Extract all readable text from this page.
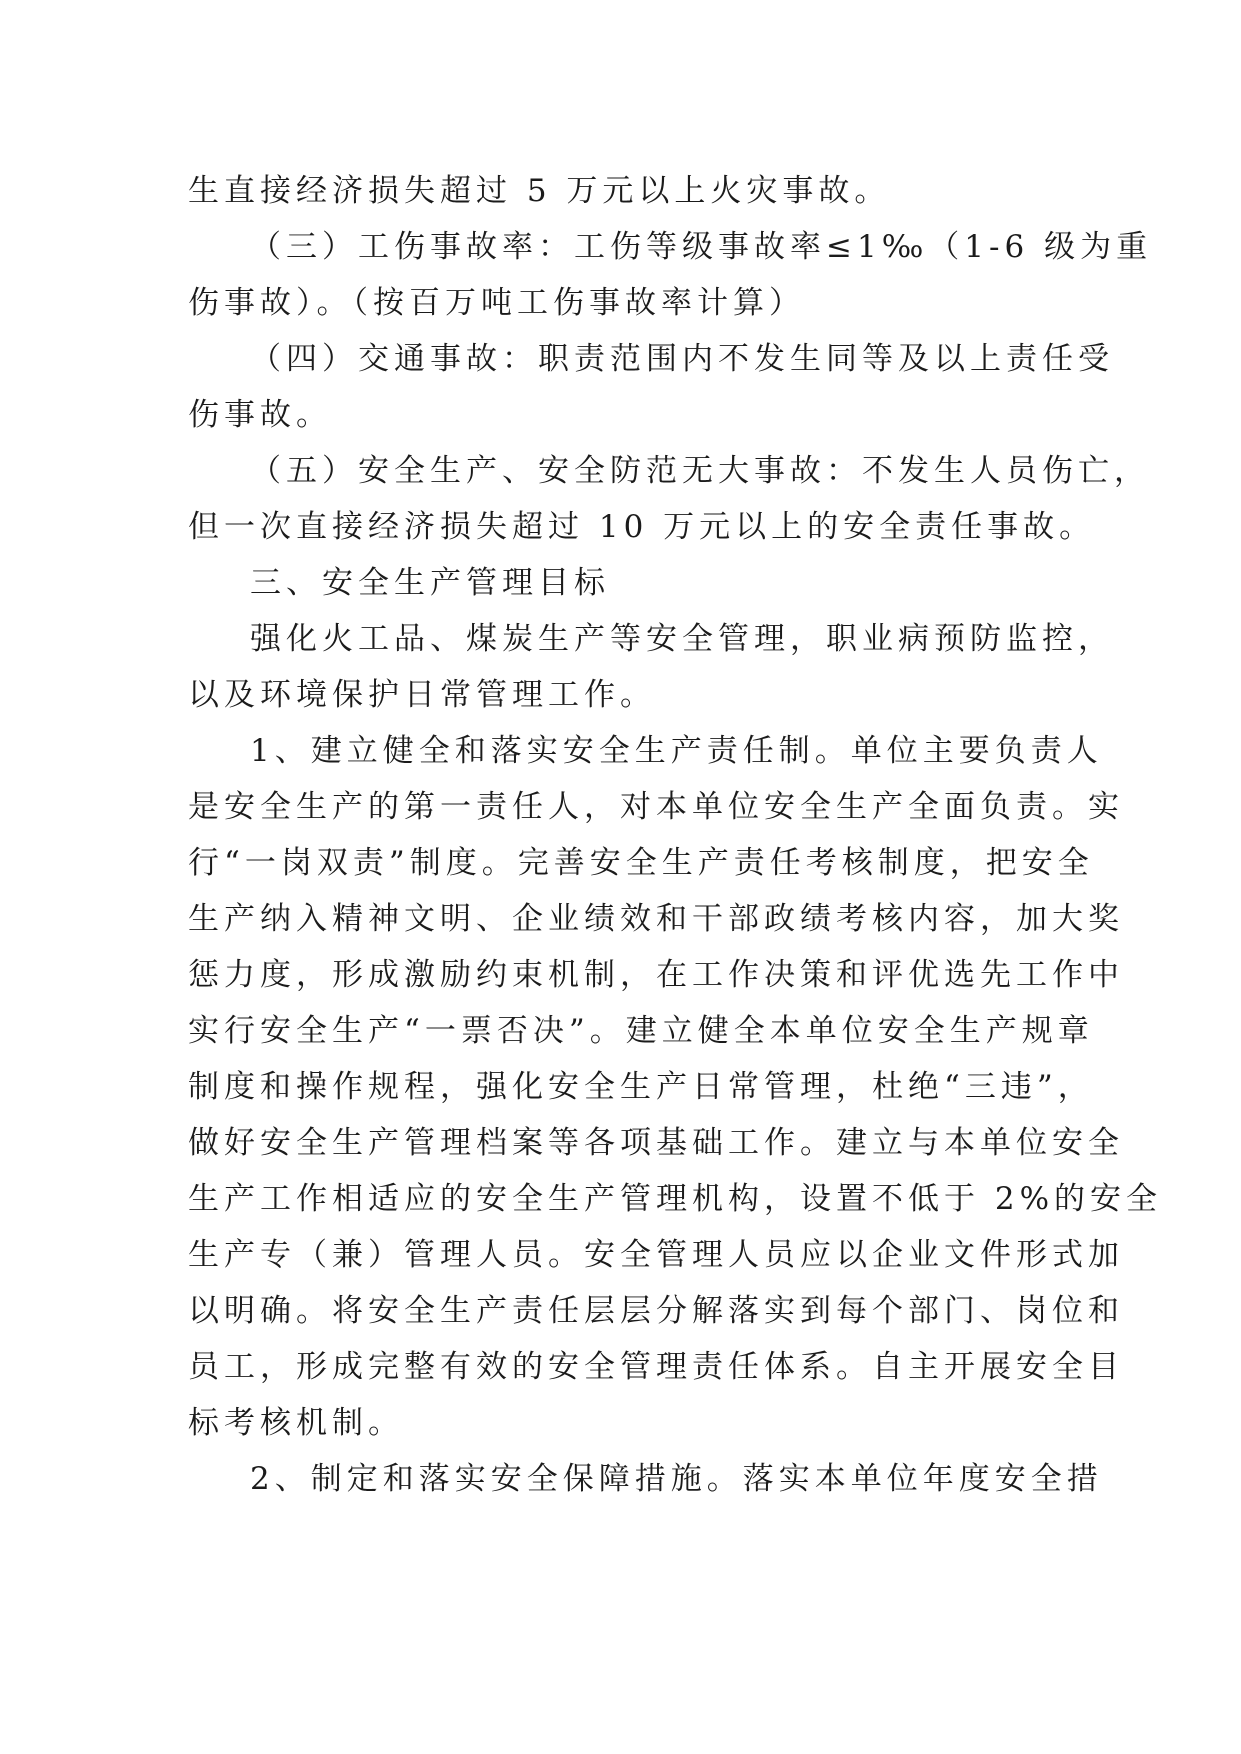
生直接经济损失超过 5 万元以上火灾事故。
（三）工伤事故率：工伤等级事故率≤1‰（1-6 级为重
伤事故）。（按百万吨工伤事故率计算）
（四）交通事故：职责范围内不发生同等及以上责任受
伤事故。
（五）安全生产、安全防范无大事故：不发生人员伤亡，
但一次直接经济损失超过 10 万元以上的安全责任事故。
三、安全生产管理目标
强化火工品、煤炭生产等安全管理，职业病预防监控，
以及环境保护日常管理工作。
1、建立健全和落实安全生产责任制。单位主要负责人
是安全生产的第一责任人，对本单位安全生产全面负责。实
行“一岗双责”制度。完善安全生产责任考核制度，把安全
生产纳入精神文明、企业绩效和干部政绩考核内容，加大奖
惩力度，形成激励约束机制，在工作决策和评优选先工作中
实行安全生产“一票否决”。建立健全本单位安全生产规章
制度和操作规程，强化安全生产日常管理，杜绝“三违”，
做好安全生产管理档案等各项基础工作。建立与本单位安全
生产工作相适应的安全生产管理机构，设置不低于 2%的安全
生产专（兼）管理人员。安全管理人员应以企业文件形式加
以明确。将安全生产责任层层分解落实到每个部门、岗位和
员工，形成完整有效的安全管理责任体系。自主开展安全目
标考核机制。
2、制定和落实安全保障措施。落实本单位年度安全措
